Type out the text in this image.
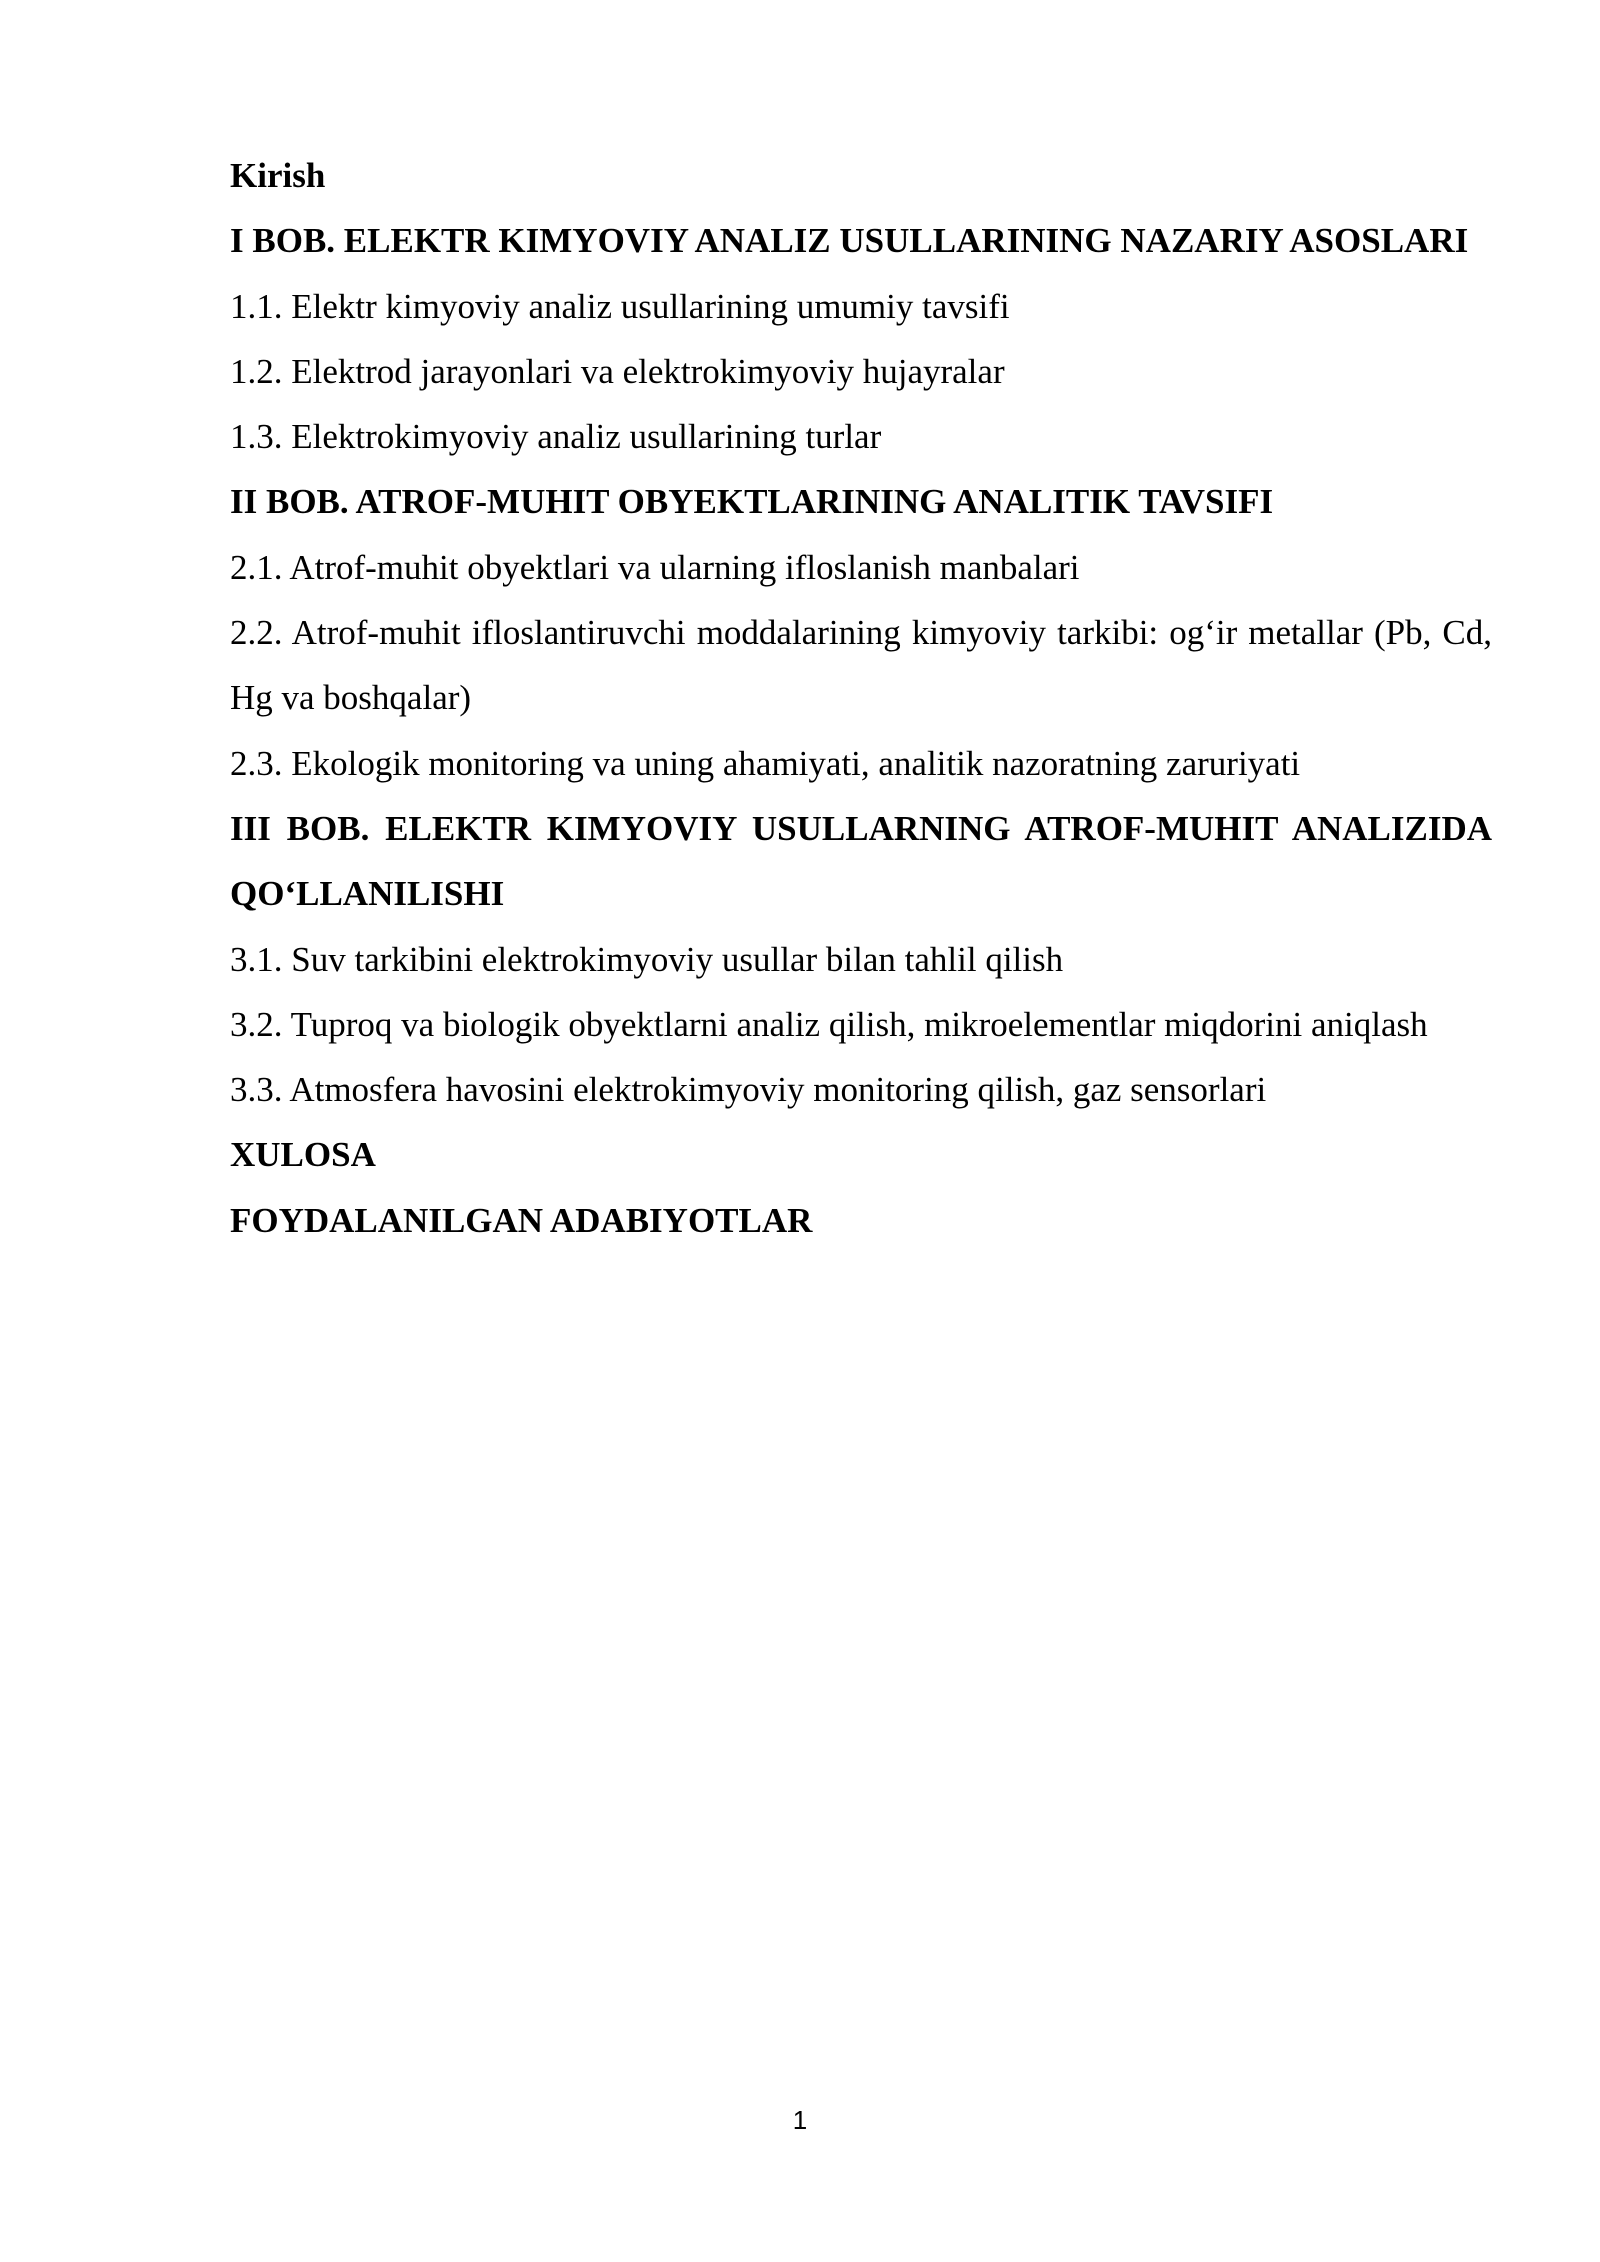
Kirish

I BOB. ELEKTR KIMYOVIY ANALIZ USULLARINING NAZARIY ASOSLARI

1.1. Elektr kimyoviy analiz usullarining umumiy tavsifi

1.2. Elektrod jarayonlari va elektrokimyoviy hujayralar

1.3. Elektrokimyoviy analiz usullarining turlar

II BOB. ATROF-MUHIT OBYEKTLARINING ANALITIK TAVSIFI

2.1. Atrof-muhit obyektlari va ularning ifloslanish manbalari

2.2. Atrof-muhit ifloslantiruvchi moddalarining kimyoviy tarkibi: og‘ir metallar (Pb, Cd, Hg va boshqalar)

2.3. Ekologik monitoring va uning ahamiyati, analitik nazoratning zaruriyati

III BOB. ELEKTR KIMYOVIY USULLARNING ATROF-MUHIT ANALIZIDA QO‘LLANILISHI

3.1. Suv tarkibini elektrokimyoviy usullar bilan tahlil qilish

3.2. Tuproq va biologik obyektlarni analiz qilish, mikroelementlar miqdorini aniqlash

3.3. Atmosfera havosini elektrokimyoviy monitoring qilish, gaz sensorlari

XULOSA

FOYDALANILGAN ADABIYOTLAR

1
